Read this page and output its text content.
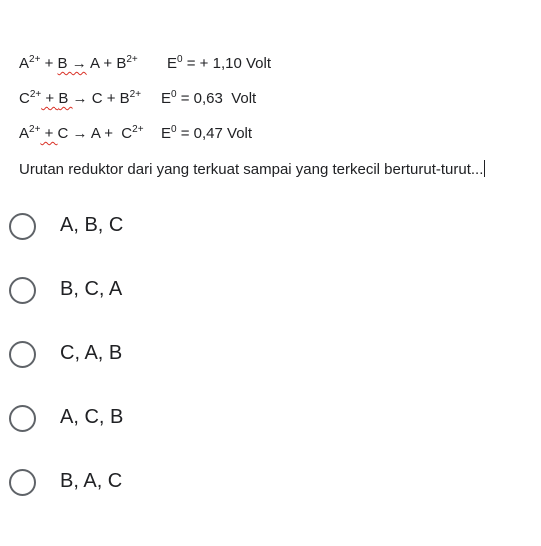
$A^{2+} + B \to A + B^{2+}$ $E^0$ = + 1,10 Volt
$C^{2+} + B \to C + B^{2+}$ $E^0 = 0,63$  Volt
$A^{2+} + C \to A + C^{2+}$ $E^0 = 0,47$ Volt
Urutan reduktor dari yang terkuat sampai yang terkecil berturut-turut...
A, B, C
B, C, A
C, A, B
A, C, B
B, A, C
